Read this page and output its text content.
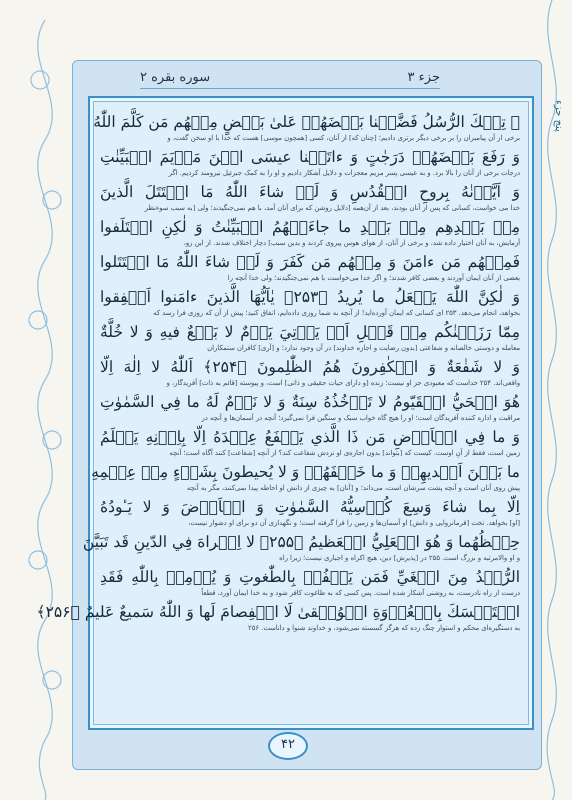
جزء ۳
سوره بقره ۲
پنج جزء
۞ تِلۡكَ الرُّسُلُ فَضَّلۡنا بَعۡضَهُمۡ عَلىٰ بَعۡضٍ مِنۡهُم مَن كَلَّمَ اللّٰهُ
برخی از آن پیامبران را بر برخی دیگر برتری دادیم؛ [چنان که] از آنان، کسی [همچون موسی] هست که خدا با او سخن گفت، و
وَ رَفَعَ بَعۡضَهُمۡ دَرَجٰتٍ وَ ءاتَيۡنا عيسَى ابۡنَ مَرۡيَمَ الۡبَيِّنٰتِ
درجات برخی از آنان را بالا برد. و به عیسی پسر مریم معجزات و دلایل آشکار دادیم و او را به کمک جبرئیل نیرومند کردیم. اگر
وَ اَيَّدۡنٰهُ بِروحِ الۡقُدُسِ وَ لَوۡ شاءَ اللّٰهُ مَا اقۡتَتَلَ الَّذينَ
خدا می خواست، کسانی که پس از آنان بودند، بعد از آن‌همه [دلایل روشن که برای آنان آمد، با هم نمی‌جنگیدند؛ ولی [به سبب سوءنظر
مِنۡ بَعۡدِهِم مِنۡ بَعۡدِ ما جاءَتۡهُمُ الۡبَيِّنٰتُ وَ لٰكِنِ اخۡتَلَفوا
آزمایش، به آنان اختیار داده شد، و برخی از آنان، از هوای هوس پیروی کردند و بدین سبب] دچار اختلاف شدند. از این رو،
فَمِنۡهُم مَن ءامَنَ وَ مِنۡهُم مَن كَفَرَ وَ لَوۡ شاءَ اللّٰهُ مَا اقۡتَتَلوا
بعضی از آنان ایمان آوردند و بعضی کافر شدند؛ و اگر خدا می‌خواست با هم نمی‌جنگیدند؛ ولی خدا آنچه را
وَ لٰكِنَّ اللّٰهَ يَفۡعَلُ ما يُريدُ ﴿۲۵۳﴾ يٰاَيُّهَا الَّذينَ ءامَنوا اَنۡفِقوا
بخواهد، انجام می‌دهد. ۲۵۳ ای کسانی که ایمان آورده‌اید! از آنچه به شما روزی داده‌ایم، انفاق کنید؛ پیش از آن که روزی فرا رسد که
مِمّا رَزَقۡنٰكُم مِنۡ قَبۡلِ اَنۡ يَأۡتِيَ يَوۡمٌ لا بَيۡعٌ فيهِ وَ لا خُلَّةٌ
معامله و دوستی خالصانه و شفاعتی [بدون رضایت و اجازه خداوند] در آن وجود ندارد؛ و [آری] کافران ستمکاران
وَ لا شَفٰعَةٌ وَ الۡكٰفِرونَ هُمُ الظّٰلِمونَ ﴿۲۵۴﴾ اَللّٰهُ لا اِلٰهَ اِلّا
واقعی‌اند. ۲۵۴ خداست که معبودی جز او نیست؛ زنده [و دارای حیات حقیقی و ذاتی] است، و پیوسته [قائم به ذات] آفریدگار، و
هُوَ الۡحَيُّ الۡقَيّومُ لا تَأۡخُذُهُ سِنَةٌ وَ لا نَوۡمٌ لَهُ ما فِي السَّمٰوٰتِ
مراقبت و اداره کننده آفریدگان است؛ او را هیچ گاه خواب سبک و سنگین فرا نمی‌گیرد؛ آنچه در آسمان‌ها و آنچه در
وَ ما فِي الۡاَرۡضِ مَن ذَا الَّذي يَشۡفَعُ عِنۡدَهُ اِلّا بِاِذۡنِهِ يَعۡلَمُ
زمین است، فقط از آنِ اوست. کیست که [بتواند] بدون اجازه‌ی او نزدش شفاعت کند؟ از آنچه [شفاعت] کنند آگاه است؛ آنچه
ما بَيۡنَ اَيۡديهِمۡ وَ ما خَلۡفَهُمۡ وَ لا يُحيطونَ بِشَيۡءٍ مِنۡ عِلۡمِهِ
پیش روی آنان است و آنچه پشت سرشان است، می‌داند؛ و [آنان] به چیزی از دانش او احاطه پیدا نمی‌کنند، مگر به آنچه
اِلّا بِما شاءَ وَسِعَ كُرۡسِيُّهُ السَّمٰوٰتِ وَ الۡاَرۡضَ وَ لا يَـٔودُهُ
[او] بخواهد. تخت [فرمانروایی و دانش] او آسمان‌ها و زمین را فرا گرفته است؛ و نگهداری آن دو برای او دشوار نیست،
حِفۡظُهُما وَ هُوَ الۡعَلِيُّ الۡعَظيمُ ﴿۲۵۵﴾ لا اِكۡراهَ فِي الدّينِ قَد تَبَيَّنَ
و او والامرتبه و بزرگ است. ۲۵۵ در [پذیرش] دین، هیچ اکراه و اجباری نیست؛ زیرا راه
الرُّشۡدُ مِنَ الۡغَيِّ فَمَن يَكۡفُرۡ بِالطّٰغوتِ وَ يُؤۡمِنۡ بِاللّٰهِ فَقَدِ
درست از راه نادرست، به روشنی آشکار شده است. پس کسی که به طاغوت کافر شود و به خدا ایمان آورد، قطعاً
اسۡتَمۡسَكَ بِالۡعُرۡوَةِ الۡوُثۡقىٰ لَا انۡفِصامَ لَها وَ اللّٰهُ سَميعٌ عَليمٌ ﴿۲۵۶﴾
به دستگیره‌ای محکم و استوار چنگ زده که هرگز گسسته نمی‌شود، و خداوند شنوا و داناست. ۲۵۶
۴۲
